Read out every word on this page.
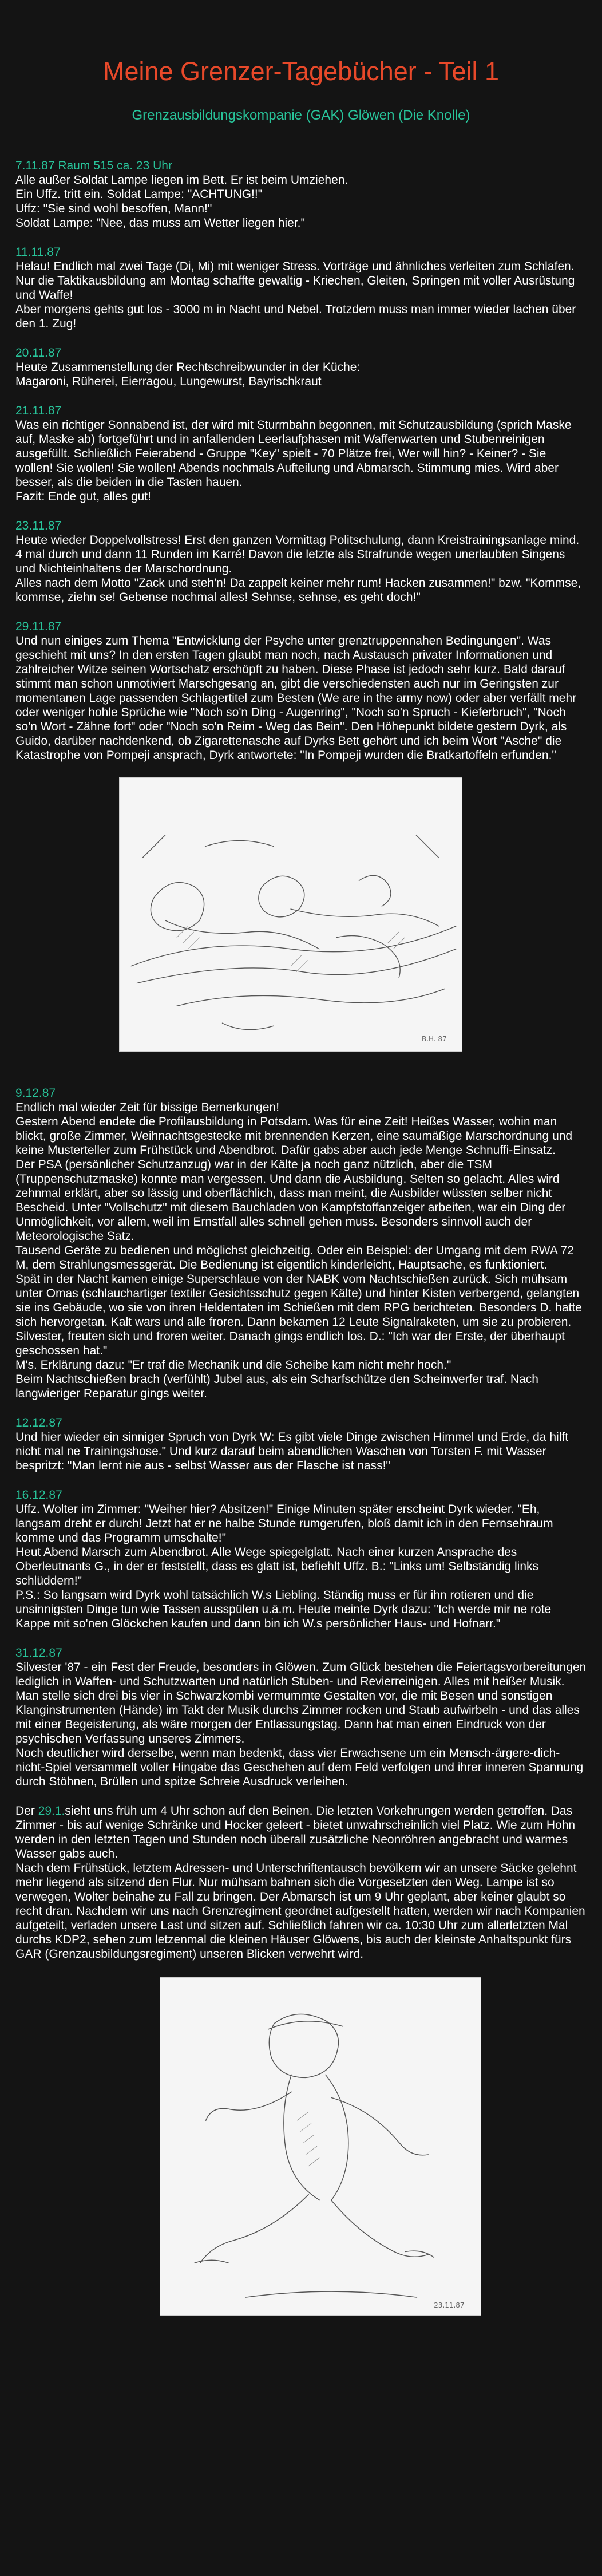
Meine Grenzer-Tagebücher - Teil 1
Grenzausbildungskompanie (GAK) Glöwen (Die Knolle)
7.11.87 Raum 515 ca. 23 Uhr
Alle außer Soldat Lampe liegen im Bett. Er ist beim Umziehen.
Ein Uffz. tritt ein. Soldat Lampe: "ACHTUNG!!"
Uffz: "Sie sind wohl besoffen, Mann!"
Soldat Lampe: "Nee, das muss am Wetter liegen hier."
11.11.87
Helau! Endlich mal zwei Tage (Di, Mi) mit weniger Stress. Vorträge und ähnliches verleiten zum Schlafen. Nur die Taktikausbildung am Montag schaffte gewaltig - Kriechen, Gleiten, Springen mit voller Ausrüstung und Waffe!
Aber morgens gehts gut los - 3000 m in Nacht und Nebel. Trotzdem muss man immer wieder lachen über den 1. Zug!
20.11.87
Heute Zusammenstellung der Rechtschreibwunder in der Küche:
Magaroni, Rüherei, Eierragou, Lungewurst, Bayrischkraut
21.11.87
Was ein richtiger Sonnabend ist, der wird mit Sturmbahn begonnen, mit Schutzausbildung (sprich Maske auf, Maske ab) fortgeführt und in anfallenden Leerlaufphasen mit Waffenwarten und Stubenreinigen ausgefüllt. Schließlich Feierabend - Gruppe "Key" spielt - 70 Plätze frei, Wer will hin? - Keiner? - Sie wollen! Sie wollen! Sie wollen! Abends nochmals Aufteilung und Abmarsch. Stimmung mies. Wird aber besser, als die beiden in die Tasten hauen.
Fazit: Ende gut, alles gut!
23.11.87
Heute wieder Doppelvollstress! Erst den ganzen Vormittag Politschulung, dann Kreistrainingsanlage mind. 4 mal durch und dann 11 Runden im Karré! Davon die letzte als Strafrunde wegen unerlaubten Singens und Nichteinhaltens der Marschordnung.
Alles nach dem Motto "Zack und steh'n! Da zappelt keiner mehr rum! Hacken zusammen!" bzw. "Kommse, kommse, ziehn se! Gebense nochmal alles! Sehnse, sehnse, es geht doch!"
29.11.87
Und nun einiges zum Thema "Entwicklung der Psyche unter grenztruppennahen Bedingungen". Was geschieht mit uns? In den ersten Tagen glaubt man noch, nach Austausch privater Informationen und zahlreicher Witze seinen Wortschatz erschöpft zu haben. Diese Phase ist jedoch sehr kurz. Bald darauf stimmt man schon unmotiviert Marschgesang an, gibt die verschiedensten auch nur im Geringsten zur momentanen Lage passenden Schlagertitel zum Besten (We are in the army now) oder aber verfällt mehr oder weniger hohle Sprüche wie "Noch so'n Ding - Augenring", "Noch so'n Spruch - Kieferbruch", "Noch so'n Wort - Zähne fort" oder "Noch so'n Reim - Weg das Bein". Den Höhepunkt bildete gestern Dyrk, als Guido, darüber nachdenkend, ob Zigarettenasche auf Dyrks Bett gehört und ich beim Wort "Asche" die Katastrophe von Pompeji ansprach, Dyrk antwortete: "In Pompeji wurden die Bratkartoffeln erfunden."
B.H. 87
9.12.87
Endlich mal wieder Zeit für bissige Bemerkungen!
Gestern Abend endete die Profilausbildung in Potsdam. Was für eine Zeit! Heißes Wasser, wohin man blickt, große Zimmer, Weihnachtsgestecke mit brennenden Kerzen, eine saumäßige Marschordnung und keine Musterteller zum Frühstück und Abendbrot. Dafür gabs aber auch jede Menge Schnuffi-Einsatz.
Der PSA (persönlicher Schutzanzug) war in der Kälte ja noch ganz nützlich, aber die TSM (Truppenschutzmaske) konnte man vergessen. Und dann die Ausbildung. Selten so gelacht. Alles wird zehnmal erklärt, aber so lässig und oberflächlich, dass man meint, die Ausbilder wüssten selber nicht Bescheid. Unter "Vollschutz" mit diesem Bauchladen von Kampfstoffanzeiger arbeiten, war ein Ding der Unmöglichkeit, vor allem, weil im Ernstfall alles schnell gehen muss. Besonders sinnvoll auch der Meteorologische Satz.
Tausend Geräte zu bedienen und möglichst gleichzeitig. Oder ein Beispiel: der Umgang mit dem RWA 72 M, dem Strahlungsmessgerät. Die Bedienung ist eigentlich kinderleicht, Hauptsache, es funktioniert.
Spät in der Nacht kamen einige Superschlaue von der NABK vom Nachtschießen zurück. Sich mühsam unter Omas (schlauchartiger textiler Gesichtsschutz gegen Kälte) und hinter Kisten verbergend, gelangten sie ins Gebäude, wo sie von ihren Heldentaten im Schießen mit dem RPG berichteten. Besonders D. hatte sich hervorgetan. Kalt wars und alle froren. Dann bekamen 12 Leute Signalraketen, um sie zu probieren. Silvester, freuten sich und froren weiter. Danach gings endlich los. D.: "Ich war der Erste, der überhaupt geschossen hat."
M's. Erklärung dazu: "Er traf die Mechanik und die Scheibe kam nicht mehr hoch."
Beim Nachtschießen brach (verfühlt) Jubel aus, als ein Scharfschütze den Scheinwerfer traf. Nach langwieriger Reparatur gings weiter.
12.12.87
Und hier wieder ein sinniger Spruch von Dyrk W: Es gibt viele Dinge zwischen Himmel und Erde, da hilft nicht mal ne Trainingshose." Und kurz darauf beim abendlichen Waschen von Torsten F. mit Wasser bespritzt: "Man lernt nie aus - selbst Wasser aus der Flasche ist nass!"
16.12.87
Uffz. Wolter im Zimmer: "Weiher hier? Absitzen!" Einige Minuten später erscheint Dyrk wieder. "Eh, langsam dreht er durch! Jetzt hat er ne halbe Stunde rumgerufen, bloß damit ich in den Fernsehraum komme und das Programm umschalte!"
Heut Abend Marsch zum Abendbrot. Alle Wege spiegelglatt. Nach einer kurzen Ansprache des Oberleutnants G., in der er feststellt, dass es glatt ist, befiehlt Uffz. B.: "Links um! Selbständig links schlüddern!"
P.S.: So langsam wird Dyrk wohl tatsächlich W.s Liebling. Ständig muss er für ihn rotieren und die unsinnigsten Dinge tun wie Tassen ausspülen u.ä.m. Heute meinte Dyrk dazu: "Ich werde mir ne rote Kappe mit so'nen Glöckchen kaufen und dann bin ich W.s persönlicher Haus- und Hofnarr."
31.12.87
Silvester '87 - ein Fest der Freude, besonders in Glöwen. Zum Glück bestehen die Feiertagsvorbereitungen lediglich in Waffen- und Schutzwarten und natürlich Stuben- und Revierreinigen. Alles mit heißer Musik. Man stelle sich drei bis vier in Schwarzkombi vermummte Gestalten vor, die mit Besen und sonstigen Klanginstrumenten (Hände) im Takt der Musik durchs Zimmer rocken und Staub aufwirbeln - und das alles mit einer Begeisterung, als wäre morgen der Entlassungstag. Dann hat man einen Eindruck von der psychischen Verfassung unseres Zimmers.
Noch deutlicher wird derselbe, wenn man bedenkt, dass vier Erwachsene um ein Mensch-ärgere-dich-nicht-Spiel versammelt voller Hingabe das Geschehen auf dem Feld verfolgen und ihrer inneren Spannung durch Stöhnen, Brüllen und spitze Schreie Ausdruck verleihen.
Der 29.1.sieht uns früh um 4 Uhr schon auf den Beinen. Die letzten Vorkehrungen werden getroffen. Das Zimmer - bis auf wenige Schränke und Hocker geleert - bietet unwahrscheinlich viel Platz. Wie zum Hohn werden in den letzten Tagen und Stunden noch überall zusätzliche Neonröhren angebracht und warmes Wasser gabs auch.
Nach dem Frühstück, letztem Adressen- und Unterschriftentausch bevölkern wir an unsere Säcke gelehnt mehr liegend als sitzend den Flur. Nur mühsam bahnen sich die Vorgesetzten den Weg. Lampe ist so verwegen, Wolter beinahe zu Fall zu bringen. Der Abmarsch ist um 9 Uhr geplant, aber keiner glaubt so recht dran. Nachdem wir uns nach Grenzregiment geordnet aufgestellt hatten, werden wir nach Kompanien aufgeteilt, verladen unsere Last und sitzen auf. Schließlich fahren wir ca. 10:30 Uhr zum allerletzten Mal durchs KDP2, sehen zum letzenmal die kleinen Häuser Glöwens, bis auch der kleinste Anhaltspunkt fürs GAR (Grenzausbildungsregiment) unseren Blicken verwehrt wird.
23.11.87
